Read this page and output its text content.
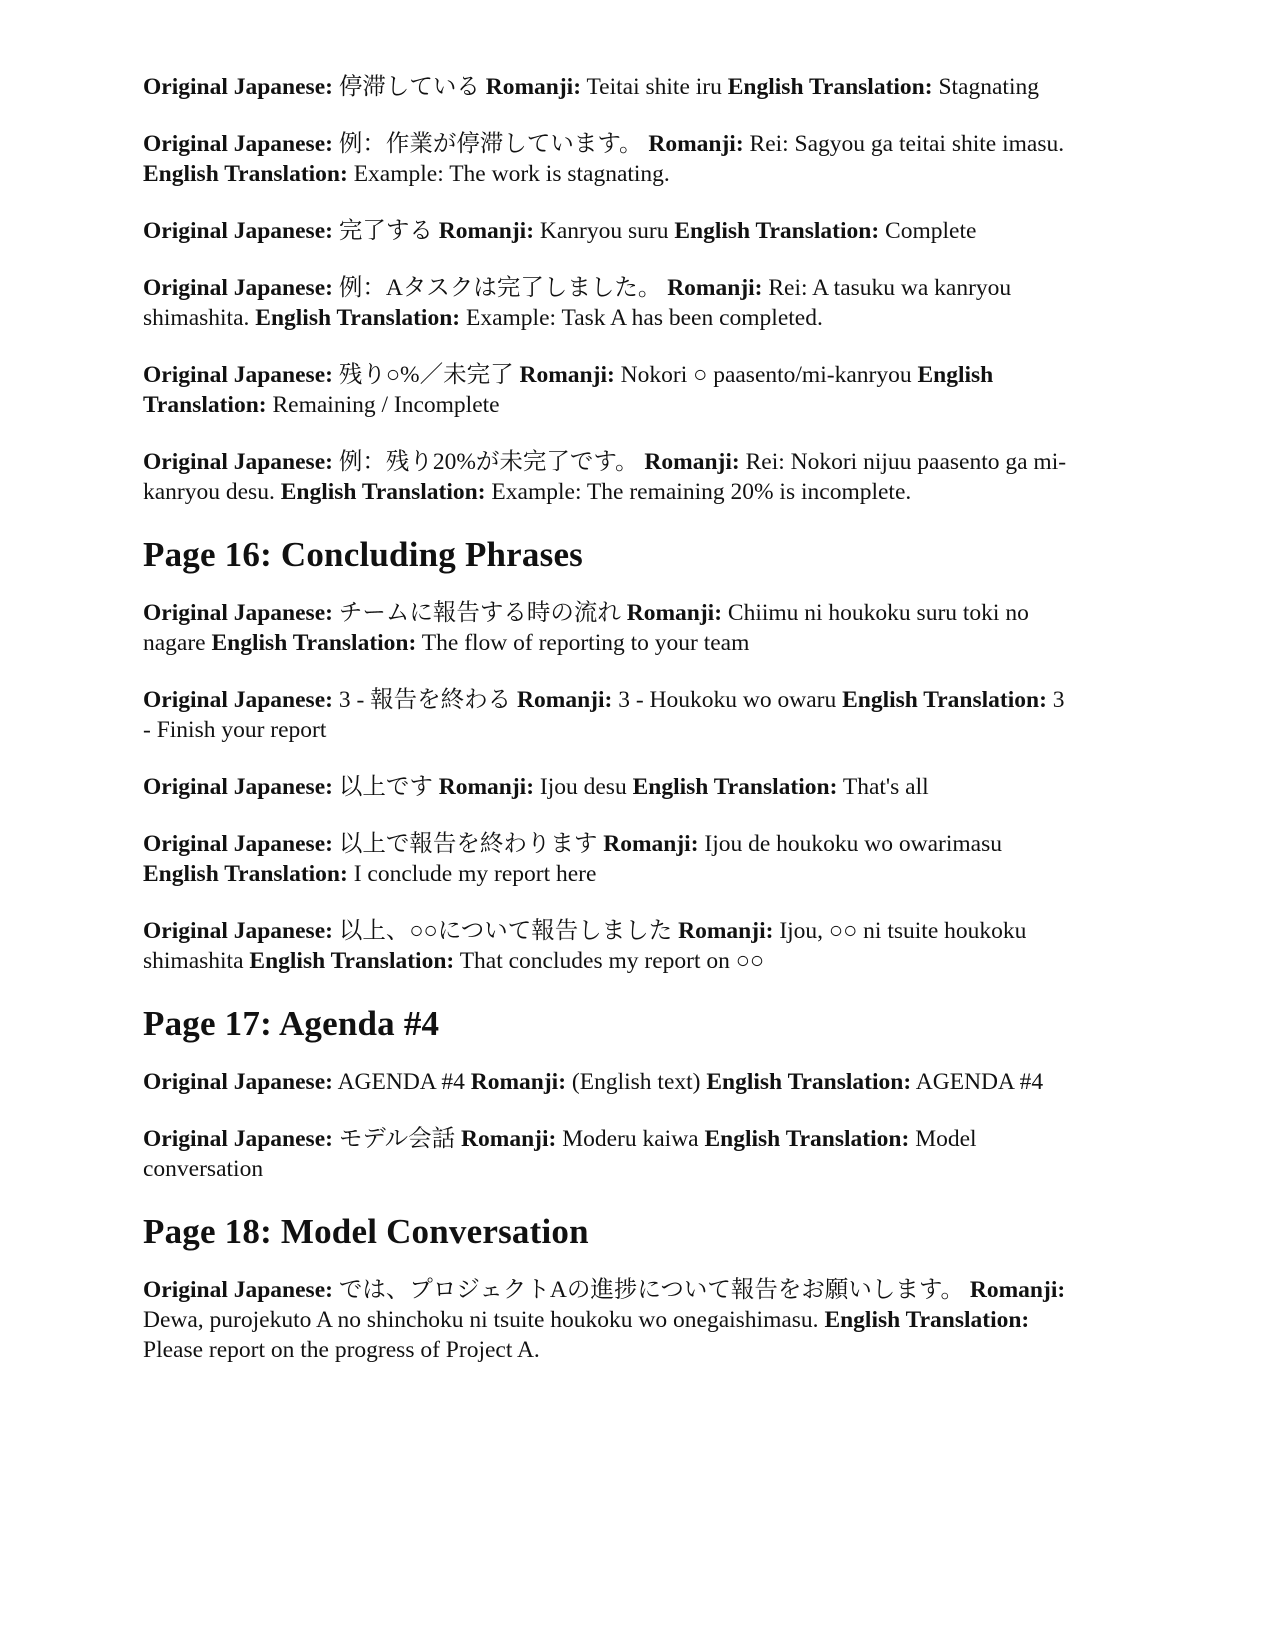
Original Japanese: 停滞している Romanji: Teitai shite iru English Translation: Stagnating

Original Japanese: 例：作業が停滞しています。 Romanji: Rei: Sagyou ga teitai shite imasu. English Translation: Example: The work is stagnating.

Original Japanese: 完了する Romanji: Kanryou suru English Translation: Complete

Original Japanese: 例：Aタスクは完了しました。 Romanji: Rei: A tasuku wa kanryou shimashita. English Translation: Example: Task A has been completed.

Original Japanese: 残り○%／未完了 Romanji: Nokori ○ paasento/mi-kanryou English Translation: Remaining / Incomplete

Original Japanese: 例：残り20%が未完了です。 Romanji: Rei: Nokori nijuu paasento ga mi-kanryou desu. English Translation: Example: The remaining 20% is incomplete.

Page 16: Concluding Phrases

Original Japanese: チームに報告する時の流れ Romanji: Chiimu ni houkoku suru toki no nagare English Translation: The flow of reporting to your team

Original Japanese: 3 - 報告を終わる Romanji: 3 - Houkoku wo owaru English Translation: 3 - Finish your report

Original Japanese: 以上です Romanji: Ijou desu English Translation: That's all

Original Japanese: 以上で報告を終わります Romanji: Ijou de houkoku wo owarimasu English Translation: I conclude my report here

Original Japanese: 以上、○○について報告しました Romanji: Ijou, ○○ ni tsuite houkoku shimashita English Translation: That concludes my report on ○○

Page 17: Agenda #4

Original Japanese: AGENDA #4 Romanji: (English text) English Translation: AGENDA #4

Original Japanese: モデル会話 Romanji: Moderu kaiwa English Translation: Model conversation

Page 18: Model Conversation

Original Japanese: では、プロジェクトAの進捗について報告をお願いします。 Romanji: Dewa, purojekuto A no shinchoku ni tsuite houkoku wo onegaishimasu. English Translation: Please report on the progress of Project A.
